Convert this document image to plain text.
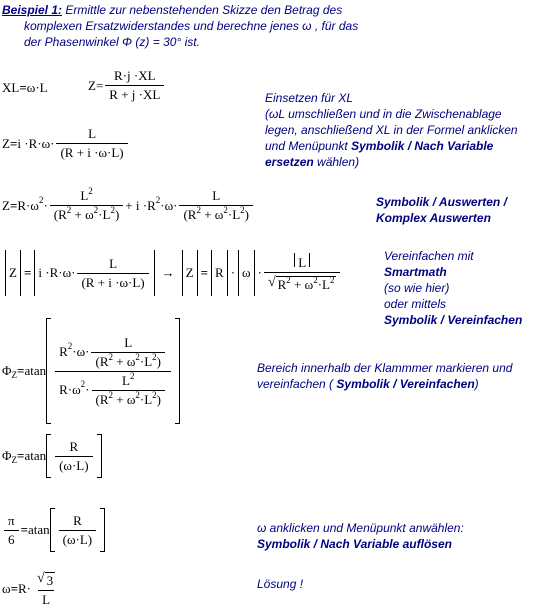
Beispiel 1: Ermittle zur nebenstehenden Skizze den Betrag des
komplexen Ersatzwiderstandes und berechne jenes ω , für das
der Phasenwinkel Φ (z) = 30° ist.
XL = ω·L	$Z = \frac{R\cdot j \cdot XL}{R + j \cdot XL}$	Einsetzen für XL
(ωL umschließen und in die Zwischenablage
legen, anschließend XL in der Formel anklicken
und Menüpunkt Symbolik / Nach Variable
ersetzen wählen)
$Z = i \cdot R\cdot\omega\cdot \frac{L}{(R + i \cdot\omega\cdot L)}$
Z = R·ω $2 \cdot \frac{L^2}{(R^2 + \omega^2\cdot L^2)} + i \cdot R$ $2 \cdot\omega\cdot \frac{L}{(R^2 + \omega^2\cdot L^2)}$	Symbolik / Auswerten /
Komplex Auswerten
$Z = i \cdot R\cdot\omega\cdot \frac{L}{(R + i \cdot\omega\cdot L)} \to Z = R \cdot \omega \cdot \frac{L}{√ R^2 + \omega^2\cdot L^2}$	Vereinfachen mit
Smartmath
(so wie hier)
oder mittels
Symbolik / Vereinfachen
Φ Z = atan $\frac{R 2 \cdot\omega\cdot \frac{L}{(R^2 + \omega^2\cdot L^2)}}{R\cdot\omega 2 \cdot \frac{L^2}{(R^2 + \omega^2\cdot L^2)}}$	Bereich innerhalb der Klammmer markieren und
vereinfachen ( Symbolik / Vereinfachen)
Φ Z = atan $\frac{R}{(\omega\cdot L)}$
$\frac{\pi}{6} = atan \frac{R}{(\omega\cdot L)}$	ω anklicken und Menüpunkt anwählen:
Symbolik / Nach Variable auflösen
$\omega = R\cdot \frac{√ 3}{L}$	Lösung !
